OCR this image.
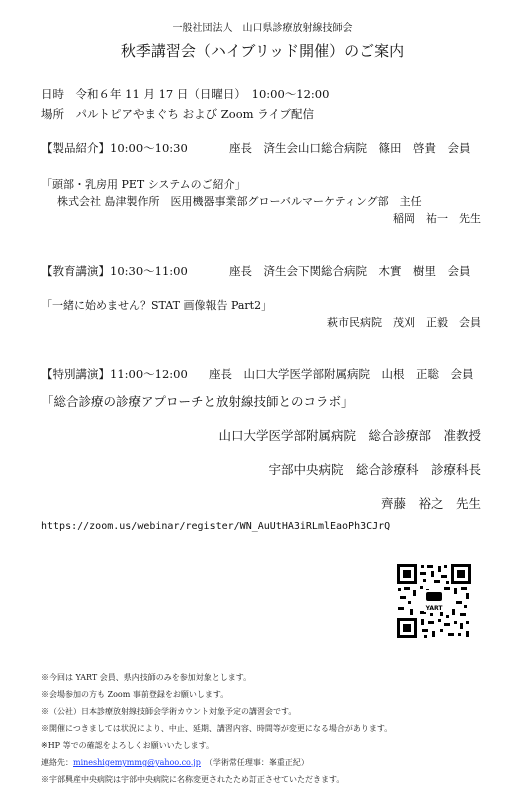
一般社団法人　山口県診療放射線技師会
秋季講習会（ハイブリッド開催）のご案内
日時　令和６年 11 月 17 日（日曜日）　10:00～12:00
場所　パルトピアやまぐち および Zoom ライブ配信
【製品紹介】10:00～10:30	座長　済生会山口総合病院　篠田　啓貴　会員
「頭部・乳房用 PET システムのご紹介」
株式会社 島津製作所　医用機器事業部グローバルマーケティング部　主任
稲岡　祐一　先生
【教育講演】10:30～11:00	座長　済生会下関総合病院　木實　樹里　会員
「一緒に始めません？STAT 画像報告 Part2」
萩市民病院　茂刈　正毅　会員
【特別講演】11:00～12:00 座長　山口大学医学部附属病院　山根　正聡　会員
「総合診療の診療アプローチと放射線技師とのコラボ」
山口大学医学部附属病院　総合診療部　准教授
宇部中央病院　総合診療科　診療科長
齊藤　裕之　先生
https://zoom.us/webinar/register/WN_AuUtHA3iRLmlEaoPh3CJrQ
YART
※今回は YART 会員、県内技師のみを参加対象とします。
※会場参加の方も Zoom 事前登録をお願いします。
※（公社）日本診療放射線技師会学術カウント対象予定の講習会です。
※開催につきましては状況により、中止、延期、講習内容、時間等が変更になる場合があります。
※HP 等での確認をよろしくお願いいたします。
連絡先：mineshigemymmg@yahoo.co.jp　 （学術常任理事：峯重正紀）
※宇部興産中央病院は宇部中央病院に名称変更されたため訂正させていただきます。
